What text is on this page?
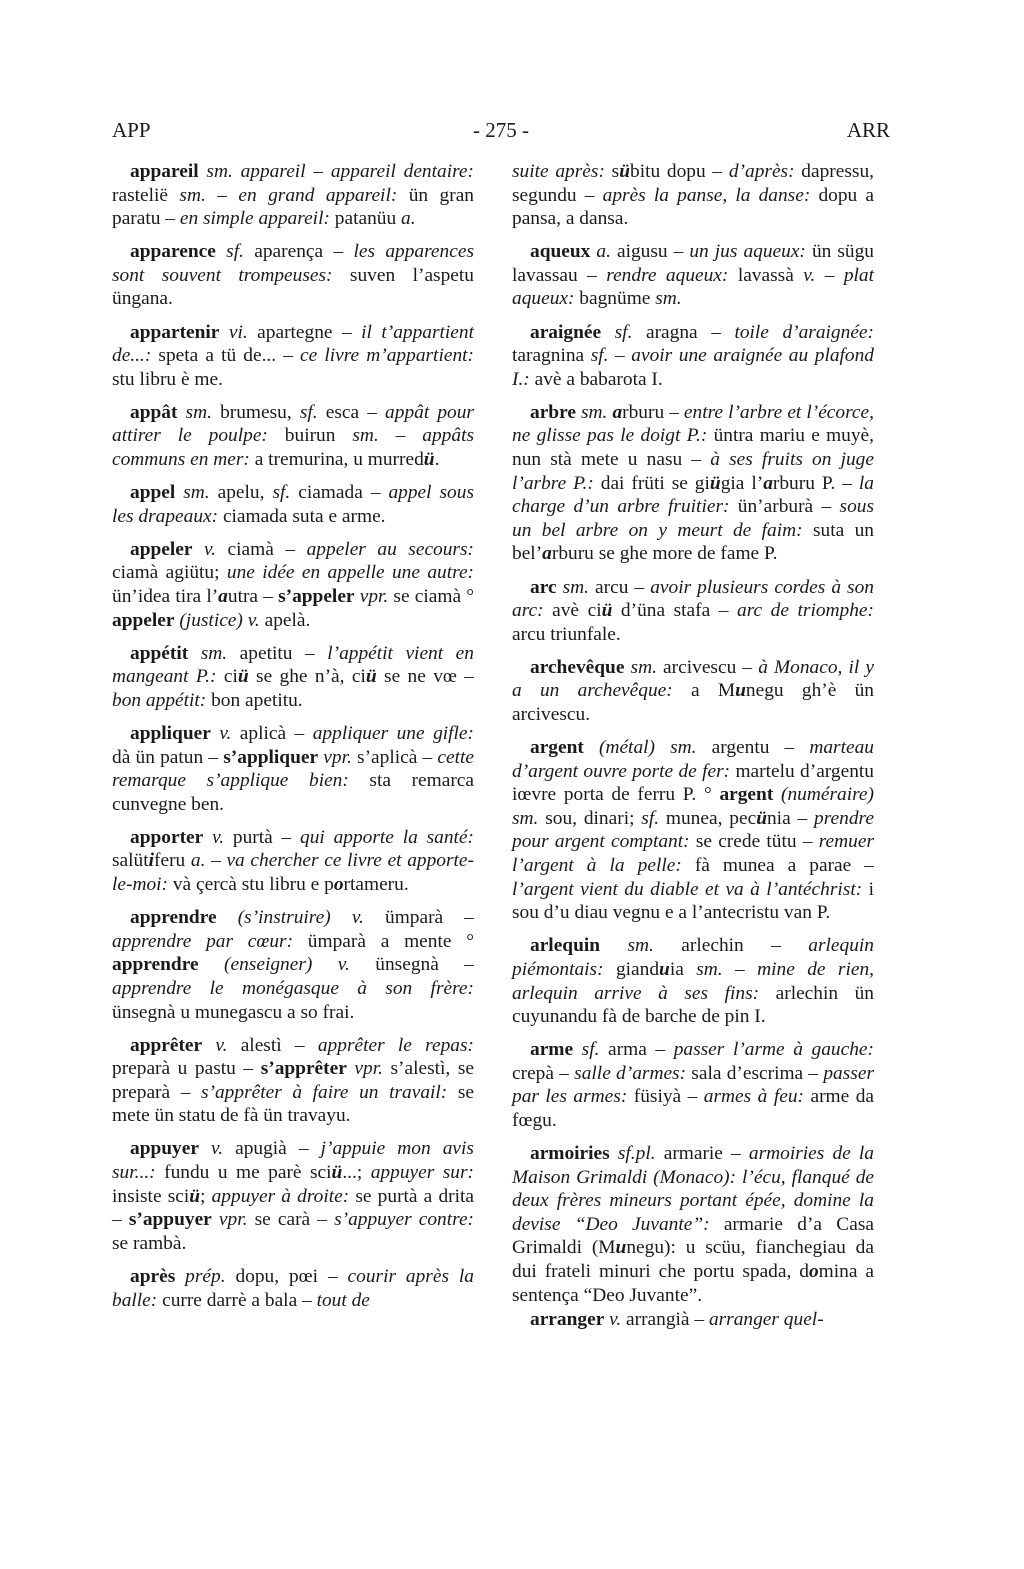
APP	- 275 -	ARR

appareil sm. appareil – appareil dentaire: rastelië sm. – en grand appareil: ün gran paratu – en simple appareil: patanüu a.

apparence sf. aparença – les apparences sont souvent trompeuses: suven l’aspetu üngana.

appartenir vi. apartegne – il t’appartient de...: speta a tü de... – ce livre m’appartient: stu libru è me.

appât sm. brumesu, sf. esca – appât pour attirer le poulpe: buirun sm. – appâts communs en mer: a tremurina, u murredü.

appel sm. apelu, sf. ciamada – appel sous les drapeaux: ciamada suta e arme.

appeler v. ciamà – appeler au secours: ciamà agiütu; une idée en appelle une autre: ün’idea tira l’autra – s’appeler vpr. se ciamà ° appeler (justice) v. apelà.

appétit sm. apetitu – l’appétit vient en mangeant P.: ciü se ghe n’à, ciü se ne vœ – bon appétit: bon apetitu.

appliquer v. aplicà – appliquer une gifle: dà ün patun – s’appliquer vpr. s’aplicà – cette remarque s’applique bien: sta remarca cunvegne ben.

apporter v. purtà – qui apporte la santé: salütiferu a. – va chercher ce livre et apporte-le-moi: và çercà stu libru e portameru.

apprendre (s’instruire) v. ümparà – apprendre par cœur: ümparà a mente ° apprendre (enseigner) v. ünsegnà – apprendre le monégasque à son frère: ünsegnà u munegascu a so frai.

apprêter v. alestì – apprêter le repas: preparà u pastu – s’apprêter vpr. s’alestì, se preparà – s’apprêter à faire un travail: se mete ün statu de fà ün travayu.

appuyer v. apugià – j’appuie mon avis sur...: fundu u me parè sciü...; appuyer sur: insiste sciü; appuyer à droite: se purtà a drita – s’appuyer vpr. se carà – s’appuyer contre: se rambà.

après prép. dopu, pœi – courir après la balle: curre darrè a bala – tout de

suite après: sübitu dopu – d’après: dapressu, segundu – après la panse, la danse: dopu a pansa, a dansa.

aqueux a. aigusu – un jus aqueux: ün sügu lavassau – rendre aqueux: lavassà v. – plat aqueux: bagnüme sm.

araignée sf. aragna – toile d’araignée: taragnina sf. – avoir une araignée au plafond I.: avè a babarota I.

arbre sm. arburu – entre l’arbre et l’écorce, ne glisse pas le doigt P.: üntra mariu e muyè, nun stà mete u nasu – à ses fruits on juge l’arbre P.: dai früti se giügia l’arburu P. – la charge d’un arbre fruitier: ün’arburà – sous un bel arbre on y meurt de faim: suta un bel’arburu se ghe more de fame P.

arc sm. arcu – avoir plusieurs cordes à son arc: avè ciü d’üna stafa – arc de triomphe: arcu triunfale.

archevêque sm. arcivescu – à Monaco, il y a un archevêque: a Munegu gh’è ün arcivescu.

argent (métal) sm. argentu – marteau d’argent ouvre porte de fer: martelu d’argentu iœvre porta de ferru P. ° argent (numéraire) sm. sou, dinari; sf. munea, pecünia – prendre pour argent comptant: se crede tütu – remuer l’argent à la pelle: fà munea a parae – l’argent vient du diable et va à l’antéchrist: i sou d’u diau vegnu e a l’antecristu van P.

arlequin sm. arlechin – arlequin piémontais: gianduia sm. – mine de rien, arlequin arrive à ses fins: arlechin ün cuyunandu fà de barche de pin I.

arme sf. arma – passer l’arme à gauche: crepà – salle d’armes: sala d’escrima – passer par les armes: füsiyà – armes à feu: arme da fœgu.

armoiries sf.pl. armarie – armoiries de la Maison Grimaldi (Monaco): l’écu, flanqué de deux frères mineurs portant épée, domine la devise “Deo Juvante”: armarie d’a Casa Grimaldi (Munegu): u scüu, fianchegiau da dui frateli minuri che portu spada, domina a sentença “Deo Juvante”.

arranger v. arrangià – arranger quel-
